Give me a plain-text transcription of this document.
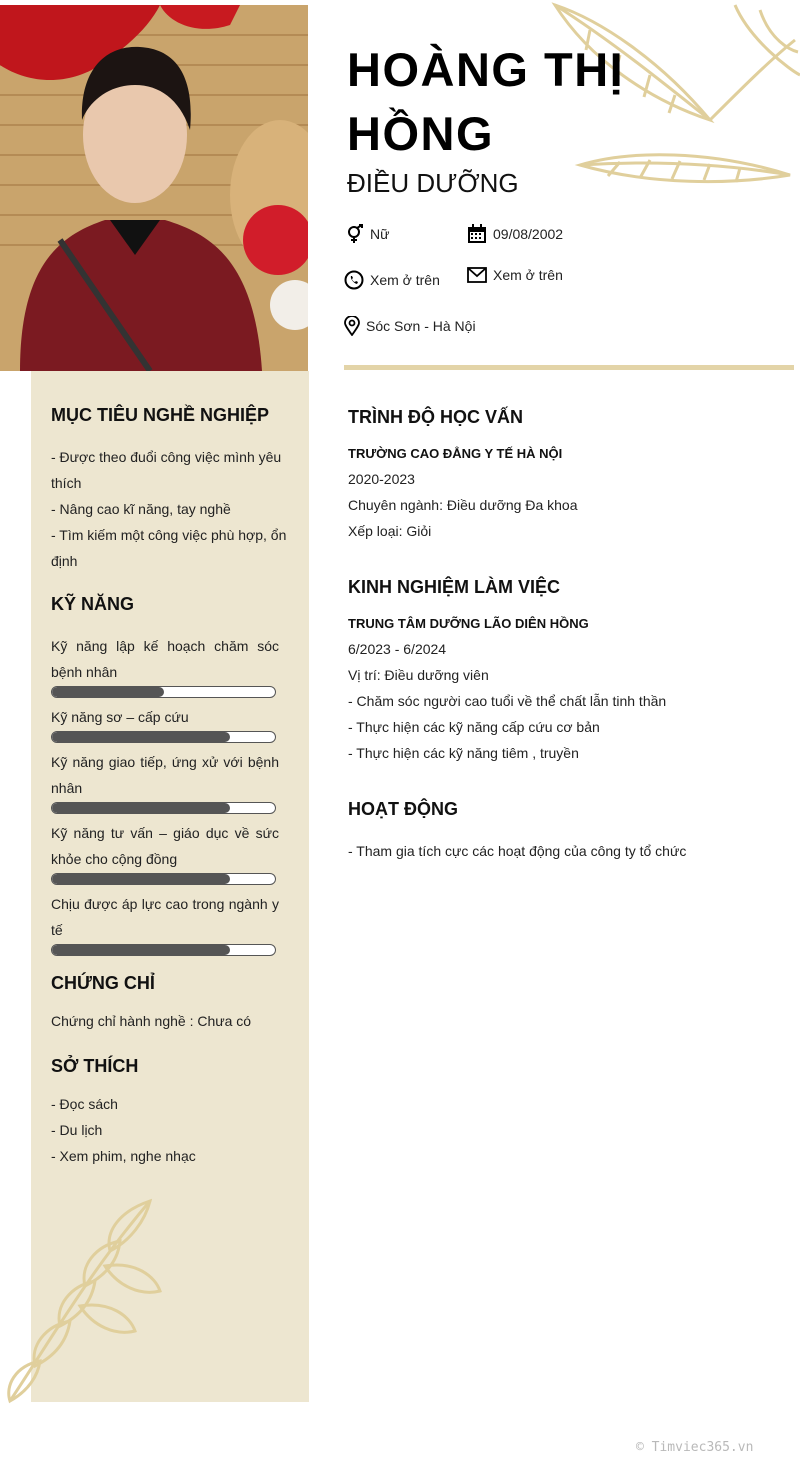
HOÀNG THỊ
HỒNG
ĐIỀU DƯỠNG
Nữ	09/08/2002
Xem ở trên	Xem ở trên
Sóc Sơn - Hà Nội
MỤC TIÊU NGHỀ NGHIỆP
- Được theo đuổi công việc mình yêu thích
- Nâng cao kĩ năng, tay nghề
- Tìm kiếm một công việc phù hợp, ổn định
KỸ NĂNG
Kỹ năng lập kế hoạch chăm sóc bệnh nhân
Kỹ năng sơ – cấp cứu
Kỹ năng giao tiếp, ứng xử với bệnh nhân
Kỹ năng tư vấn – giáo dục về sức khỏe cho cộng đồng
Chịu được áp lực cao trong ngành y tế
CHỨNG CHỈ
Chứng chỉ hành nghề : Chưa có
SỞ THÍCH
- Đọc sách
- Du lịch
- Xem phim, nghe nhạc
TRÌNH ĐỘ HỌC VẤN
TRƯỜNG CAO ĐẲNG Y TẾ HÀ NỘI
2020-2023
Chuyên ngành: Điều dưỡng Đa khoa
Xếp loại: Giỏi
KINH NGHIỆM LÀM VIỆC
TRUNG TÂM DƯỠNG LÃO DIÊN HỒNG
6/2023 - 6/2024
Vị trí: Điều dưỡng viên
- Chăm sóc người cao tuổi về thể chất lẫn tinh thần
- Thực hiện các kỹ năng cấp cứu cơ bản
- Thực hiện các kỹ năng tiêm , truyền
HOẠT ĐỘNG
- Tham gia tích cực các hoạt động của công ty tổ chức
© Timviec365.vn
